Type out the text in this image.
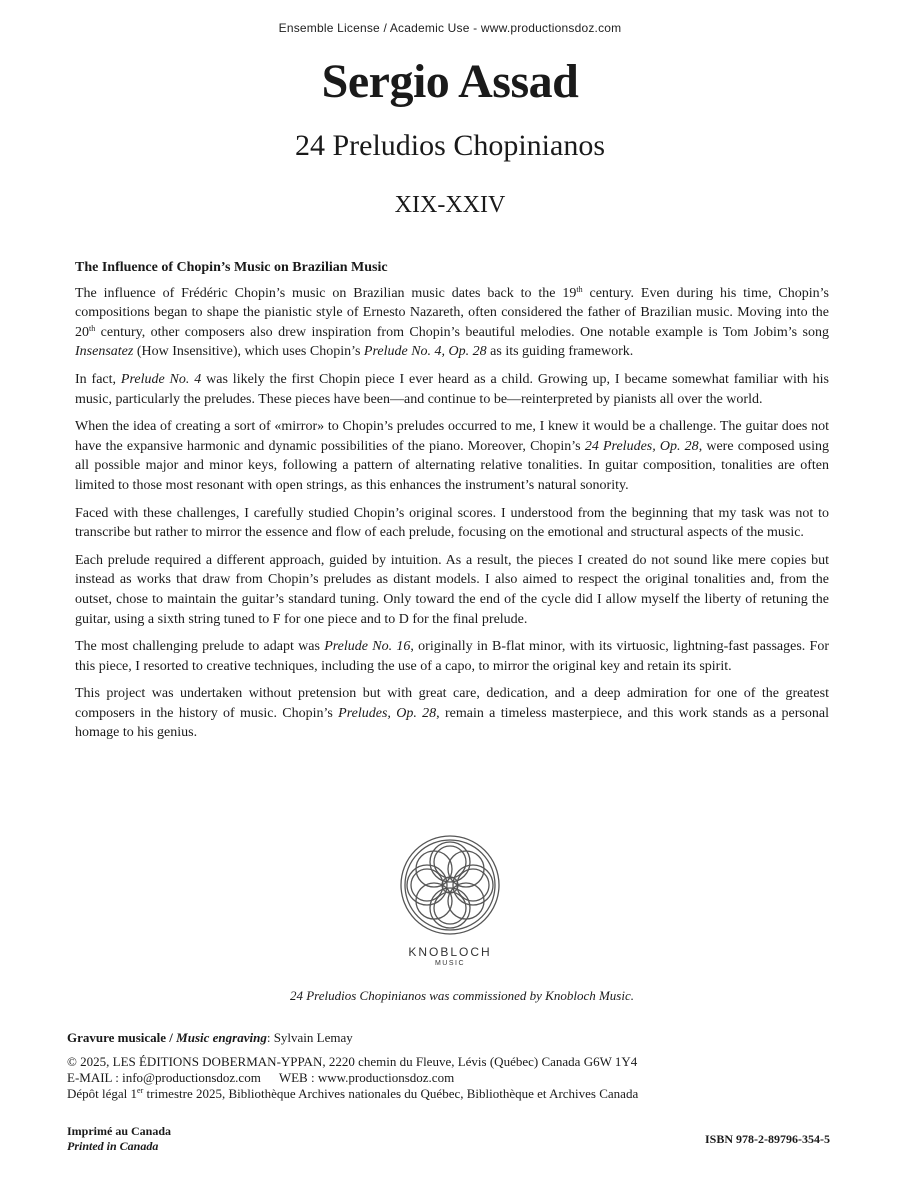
Ensemble License / Academic Use - www.productionsdoz.com
Sergio Assad
24 Preludios Chopinianos
XIX-XXIV
The Influence of Chopin’s Music on Brazilian Music

The influence of Frédéric Chopin’s music on Brazilian music dates back to the 19th century. Even during his time, Chopin’s compositions began to shape the pianistic style of Ernesto Nazareth, often considered the father of Brazilian music. Moving into the 20th century, other composers also drew inspiration from Chopin’s beautiful melodies. One notable example is Tom Jobim’s song Insensatez (How Insensitive), which uses Chopin’s Prelude No. 4, Op. 28 as its guiding framework.

In fact, Prelude No. 4 was likely the first Chopin piece I ever heard as a child. Growing up, I became somewhat familiar with his music, particularly the preludes. These pieces have been—and continue to be—reinterpreted by pianists all over the world.

When the idea of creating a sort of «mirror» to Chopin’s preludes occurred to me, I knew it would be a challenge. The guitar does not have the expansive harmonic and dynamic possibilities of the piano. Moreover, Chopin’s 24 Preludes, Op. 28, were composed using all possible major and minor keys, following a pattern of alternating relative tonalities. In guitar composition, tonalities are often limited to those most resonant with open strings, as this enhances the instrument’s natural sonority.

Faced with these challenges, I carefully studied Chopin’s original scores. I understood from the beginning that my task was not to transcribe but rather to mirror the essence and flow of each prelude, focusing on the emotional and structural aspects of the music.

Each prelude required a different approach, guided by intuition. As a result, the pieces I created do not sound like mere copies but instead as works that draw from Chopin’s preludes as distant models. I also aimed to respect the original tonalities and, from the outset, chose to maintain the guitar’s standard tuning. Only toward the end of the cycle did I allow myself the liberty of retuning the guitar, using a sixth string tuned to F for one piece and to D for the final prelude.

The most challenging prelude to adapt was Prelude No. 16, originally in B-flat minor, with its virtuosic, lightning-fast passages. For this piece, I resorted to creative techniques, including the use of a capo, to mirror the original key and retain its spirit.

This project was undertaken without pretension but with great care, dedication, and a deep admiration for one of the greatest composers in the history of music. Chopin’s Preludes, Op. 28, remain a timeless masterpiece, and this work stands as a personal homage to his genius.

KNOBLOCH
MUSIC
24 Preludios Chopinianos was commissioned by Knobloch Music.
Gravure musicale / Music engraving: Sylvain Lemay
© 2025, LES ÉDITIONS DOBERMAN-YPPAN, 2220 chemin du Fleuve, Lévis (Québec) Canada G6W 1Y4
E-MAIL : info@productionsdoz.com WEB : www.productionsdoz.com
Dépôt légal 1er trimestre 2025, Bibliothèque Archives nationales du Québec, Bibliothèque et Archives Canada
Imprimé au Canada
Printed in Canada	ISBN 978-2-89796-354-5
